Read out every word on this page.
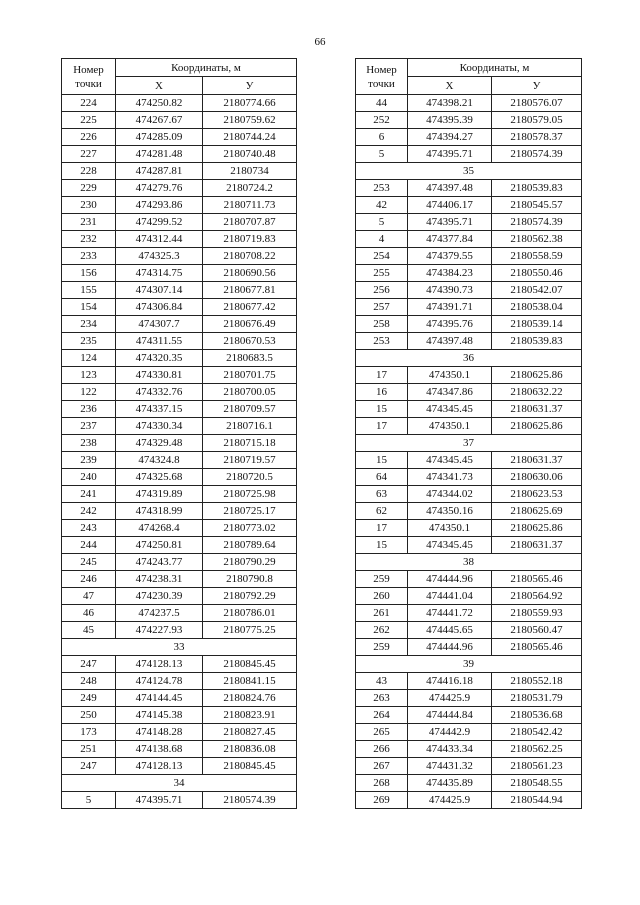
66
Номер
точки	Координаты, м	
	X	У
224	474250.82	2180774.66
225	474267.67	2180759.62
226	474285.09	2180744.24
227	474281.48	2180740.48
228	474287.81	2180734
229	474279.76	2180724.2
230	474293.86	2180711.73
231	474299.52	2180707.87
232	474312.44	2180719.83
233	474325.3	2180708.22
156	474314.75	2180690.56
155	474307.14	2180677.81
154	474306.84	2180677.42
234	474307.7	2180676.49
235	474311.55	2180670.53
124	474320.35	2180683.5
123	474330.81	2180701.75
122	474332.76	2180700.05
236	474337.15	2180709.57
237	474330.34	2180716.1
238	474329.48	2180715.18
239	474324.8	2180719.57
240	474325.68	2180720.5
241	474319.89	2180725.98
242	474318.99	2180725.17
243	474268.4	2180773.02
244	474250.81	2180789.64
245	474243.77	2180790.29
246	474238.31	2180790.8
47	474230.39	2180792.29
46	474237.5	2180786.01
45	474227.93	2180775.25
33		
247	474128.13	2180845.45
248	474124.78	2180841.15
249	474144.45	2180824.76
250	474145.38	2180823.91
173	474148.28	2180827.45
251	474138.68	2180836.08
247	474128.13	2180845.45
34		
5	474395.71	2180574.39
Номер
точки	Координаты, м	
	X	У
44	474398.21	2180576.07
252	474395.39	2180579.05
6	474394.27	2180578.37
5	474395.71	2180574.39
35		
253	474397.48	2180539.83
42	474406.17	2180545.57
5	474395.71	2180574.39
4	474377.84	2180562.38
254	474379.55	2180558.59
255	474384.23	2180550.46
256	474390.73	2180542.07
257	474391.71	2180538.04
258	474395.76	2180539.14
253	474397.48	2180539.83
36		
17	474350.1	2180625.86
16	474347.86	2180632.22
15	474345.45	2180631.37
17	474350.1	2180625.86
37		
15	474345.45	2180631.37
64	474341.73	2180630.06
63	474344.02	2180623.53
62	474350.16	2180625.69
17	474350.1	2180625.86
15	474345.45	2180631.37
38		
259	474444.96	2180565.46
260	474441.04	2180564.92
261	474441.72	2180559.93
262	474445.65	2180560.47
259	474444.96	2180565.46
39		
43	474416.18	2180552.18
263	474425.9	2180531.79
264	474444.84	2180536.68
265	474442.9	2180542.42
266	474433.34	2180562.25
267	474431.32	2180561.23
268	474435.89	2180548.55
269	474425.9	2180544.94
